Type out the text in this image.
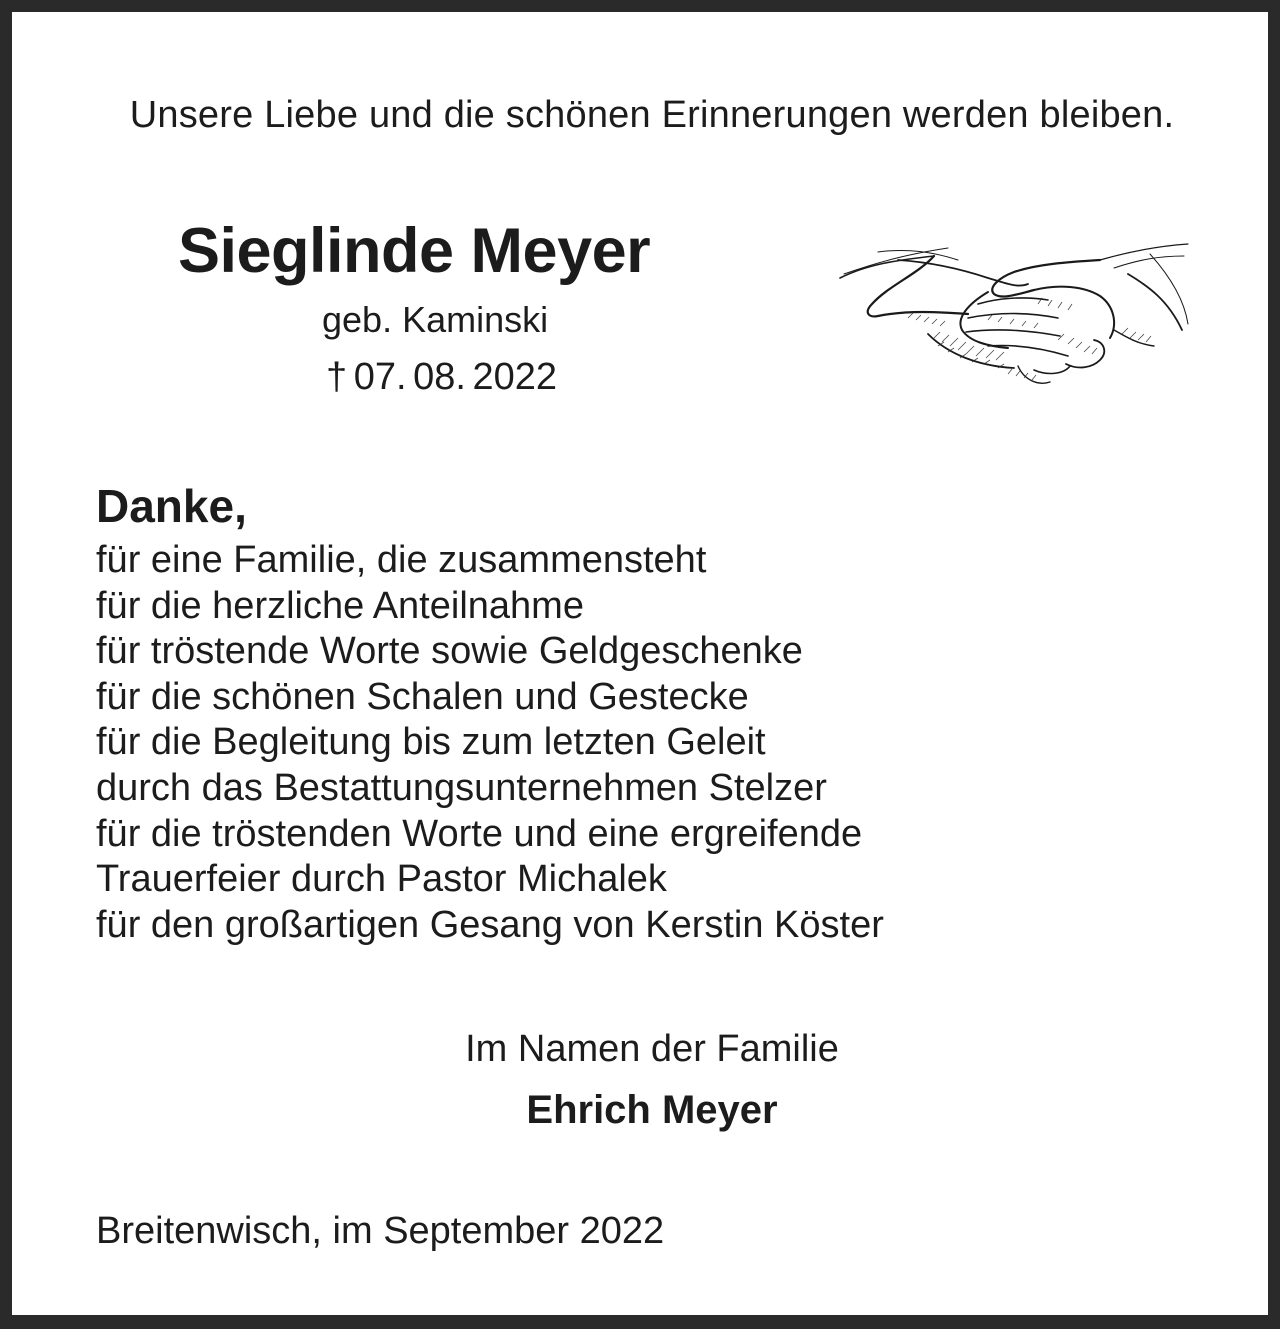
Unsere Liebe und die schönen Erinnerungen werden bleiben.
Sieglinde Meyer
geb. Kaminski
† 07. 08. 2022
Danke,
für eine Familie, die zusammensteht
für die herzliche Anteilnahme
für tröstende Worte sowie Geldgeschenke
für die schönen Schalen und Gestecke
für die Begleitung bis zum letzten Geleit
durch das Bestattungsunternehmen Stelzer
für die tröstenden Worte und eine ergreifende
Trauerfeier durch Pastor Michalek
für den großartigen Gesang von Kerstin Köster
Im Namen der Familie
Ehrich Meyer
Breitenwisch, im September 2022
